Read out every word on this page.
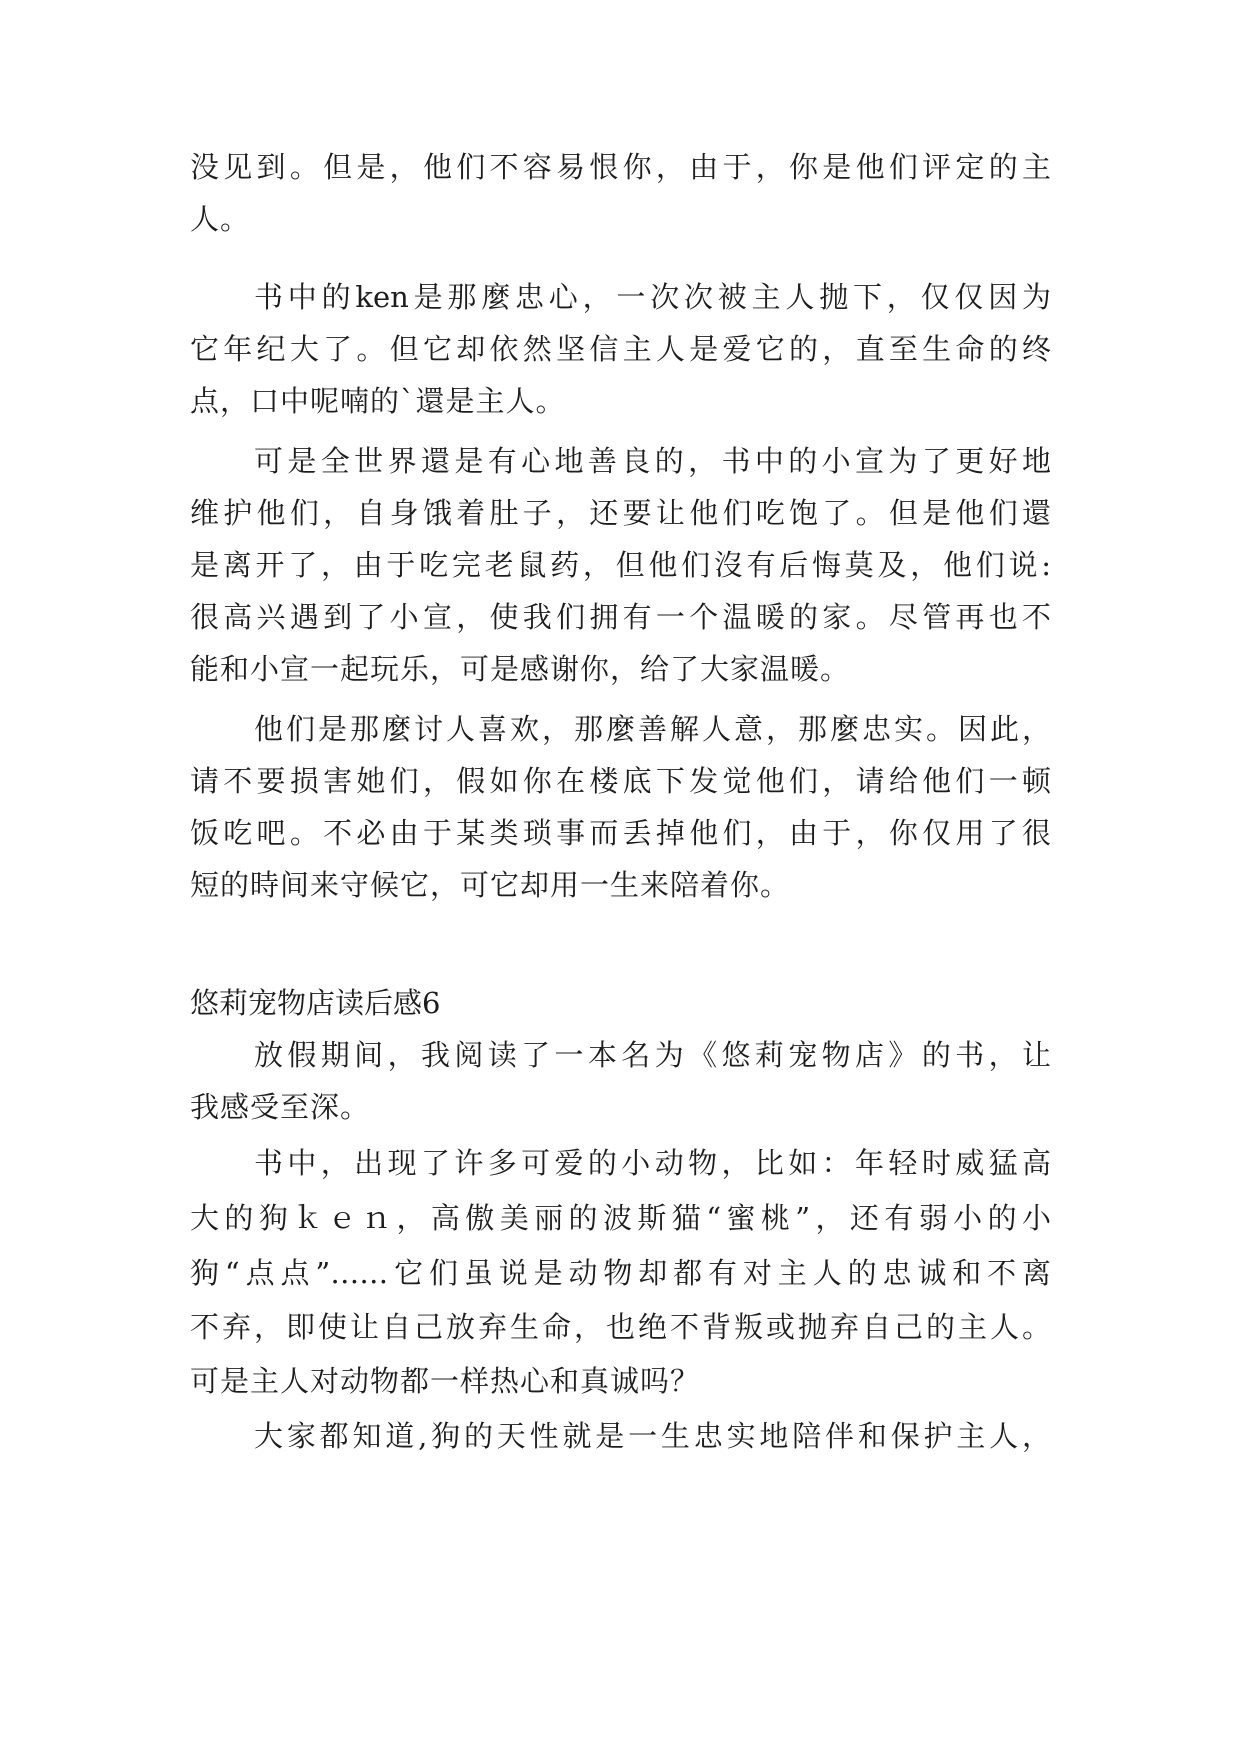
没见到。但是，他们不容易恨你，由于，你是他们评定的主

人。

书中的ken是那麼忠心，一次次被主人抛下，仅仅因为

它年纪大了。但它却依然坚信主人是爱它的，直至生命的终

点，口中呢喃的`還是主人。

可是全世界還是有心地善良的，书中的小宣为了更好地

维护他们，自身饿着肚子，还要让他们吃饱了。但是他们還

是离开了，由于吃完老鼠药，但他们沒有后悔莫及，他们说:

很高兴遇到了小宣，使我们拥有一个温暖的家。尽管再也不

能和小宣一起玩乐，可是感谢你，给了大家温暖。

他们是那麼讨人喜欢，那麼善解人意，那麼忠实。因此，

请不要损害她们，假如你在楼底下发觉他们，请给他们一顿

饭吃吧。不必由于某类琐事而丢掉他们，由于，你仅用了很

短的時间来守候它，可它却用一生来陪着你。

悠莉宠物店读后感6

放假期间，我阅读了一本名为《悠莉宠物店》的书，让

我感受至深。

书中，出现了许多可爱的小动物，比如：年轻时威猛高

大的狗ｋｅｎ，高傲美丽的波斯猫“蜜桃”，还有弱小的小

狗“点点”……它们虽说是动物却都有对主人的忠诚和不离

不弃，即使让自己放弃生命，也绝不背叛或抛弃自己的主人。

可是主人对动物都一样热心和真诚吗？

大家都知道,狗的天性就是一生忠实地陪伴和保护主人，
